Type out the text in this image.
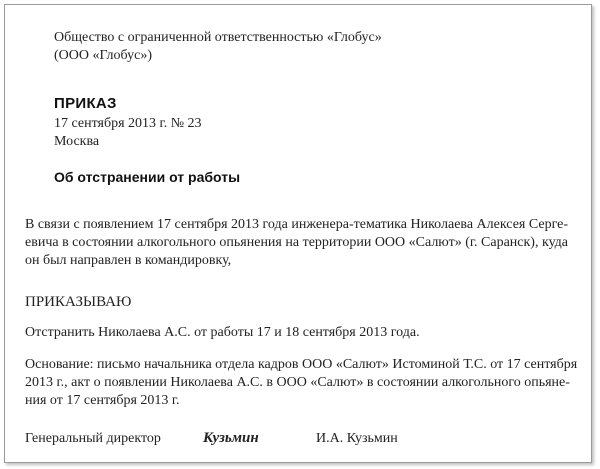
Общество с ограниченной ответственностью «Глобус»
(ООО «Глобус»)
ПРИКАЗ
17 сентября 2013 г. № 23
Москва
Об отстранении от работы
В связи с появлением 17 сентября 2013 года инженера-тематика Николаева Алексея Серге-
евича в состоянии алкогольного опьянения на территории ООО «Салют» (г. Саранск), куда
он был направлен в командировку,
ПРИКАЗЫВАЮ
Отстранить Николаева А.С. от работы 17 и 18 сентября 2013 года.
Основание: письмо начальника отдела кадров ООО «Салют» Истоминой Т.С. от 17 сентября
2013 г., акт о появлении Николаева А.С. в ООО «Салют» в состоянии алкогольного опьяне-
ния от 17 сентября 2013 г.
Генеральный директор	Кузьмин	И.А. Кузьмин
